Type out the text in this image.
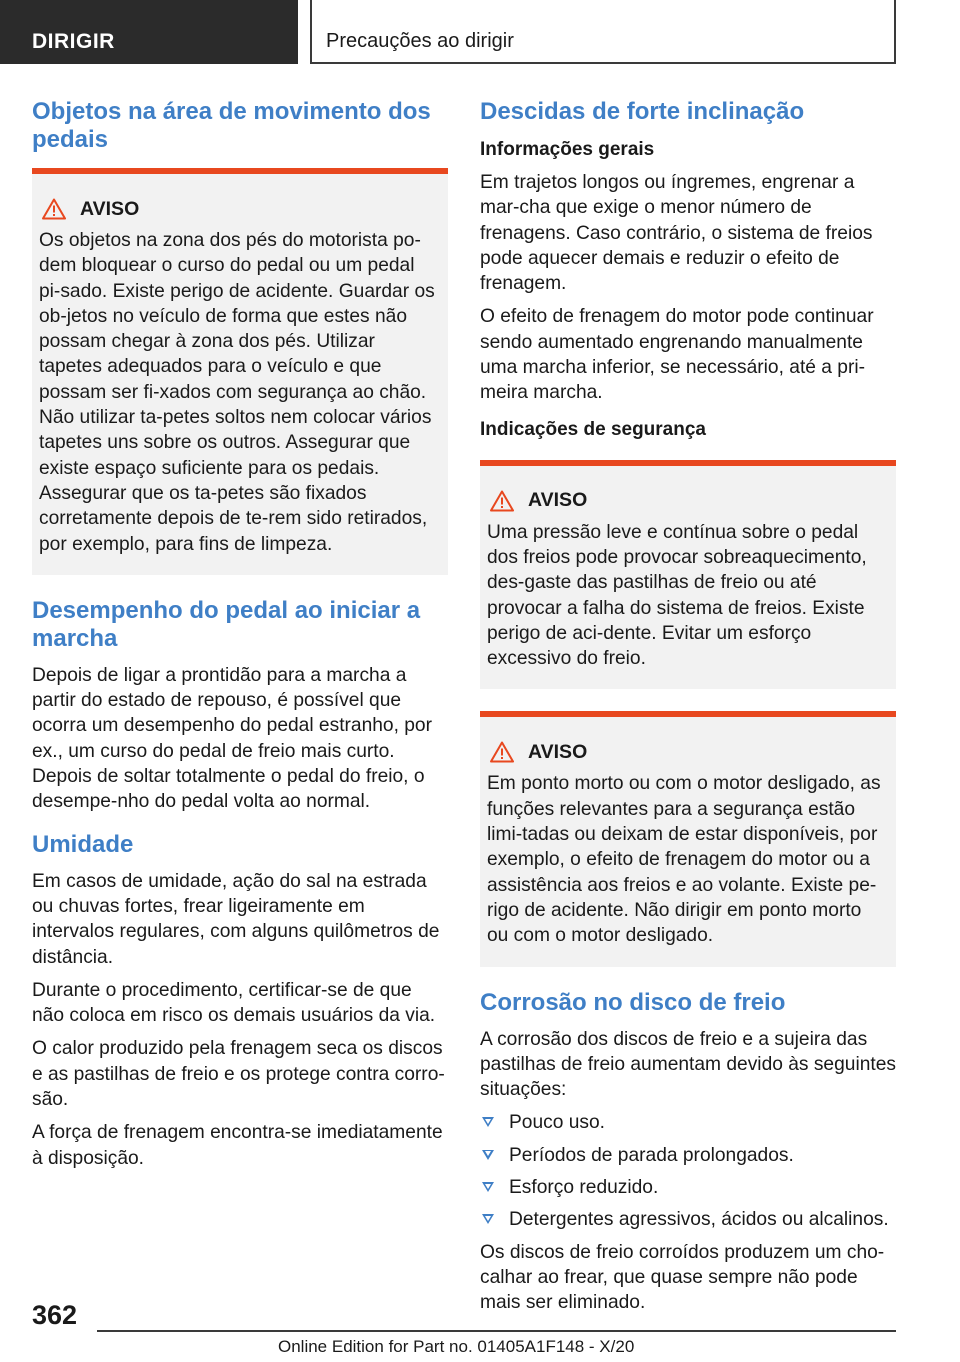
DIRIGIR	Precauções ao dirigir
Objetos na área de movimento dos pedais
AVISO

Os objetos na zona dos pés do motorista po-dem bloquear o curso do pedal ou um pedal pi-sado. Existe perigo de acidente. Guardar os ob-jetos no veículo de forma que estes não possam chegar à zona dos pés. Utilizar tapetes adequados para o veículo e que possam ser fi-xados com segurança ao chão. Não utilizar ta-petes soltos nem colocar vários tapetes uns sobre os outros. Assegurar que existe espaço suficiente para os pedais. Assegurar que os ta-petes são fixados corretamente depois de te-rem sido retirados, por exemplo, para fins de limpeza.

Desempenho do pedal ao iniciar a marcha

Depois de ligar a prontidão para a marcha a partir do estado de repouso, é possível que ocorra um desempenho do pedal estranho, por ex., um curso do pedal de freio mais curto. Depois de soltar totalmente o pedal do freio, o desempe-nho do pedal volta ao normal.

Umidade

Em casos de umidade, ação do sal na estrada ou chuvas fortes, frear ligeiramente em intervalos regulares, com alguns quilômetros de distância.

Durante o procedimento, certificar-se de que não coloca em risco os demais usuários da via.

O calor produzido pela frenagem seca os discos e as pastilhas de freio e os protege contra corro-são.

A força de frenagem encontra-se imediatamente à disposição.

Descidas de forte inclinação
Informações gerais

Em trajetos longos ou íngremes, engrenar a mar-cha que exige o menor número de frenagens. Caso contrário, o sistema de freios pode aquecer demais e reduzir o efeito de frenagem.

O efeito de frenagem do motor pode continuar sendo aumentado engrenando manualmente uma marcha inferior, se necessário, até a pri-meira marcha.

Indicações de segurança
AVISO

Uma pressão leve e contínua sobre o pedal dos freios pode provocar sobreaquecimento, des-gaste das pastilhas de freio ou até provocar a falha do sistema de freios. Existe perigo de aci-dente. Evitar um esforço excessivo do freio.

AVISO

Em ponto morto ou com o motor desligado, as funções relevantes para a segurança estão limi-tadas ou deixam de estar disponíveis, por exemplo, o efeito de frenagem do motor ou a assistência aos freios e ao volante. Existe pe-rigo de acidente. Não dirigir em ponto morto ou com o motor desligado.

Corrosão no disco de freio

A corrosão dos discos de freio e a sujeira das pastilhas de freio aumentam devido às seguintes situações:

Pouco uso.
Períodos de parada prolongados.
Esforço reduzido.
Detergentes agressivos, ácidos ou alcalinos.

Os discos de freio corroídos produzem um cho-calhar ao frear, que quase sempre não pode mais ser eliminado.

362
Online Edition for Part no. 01405A1F148 - X/20
